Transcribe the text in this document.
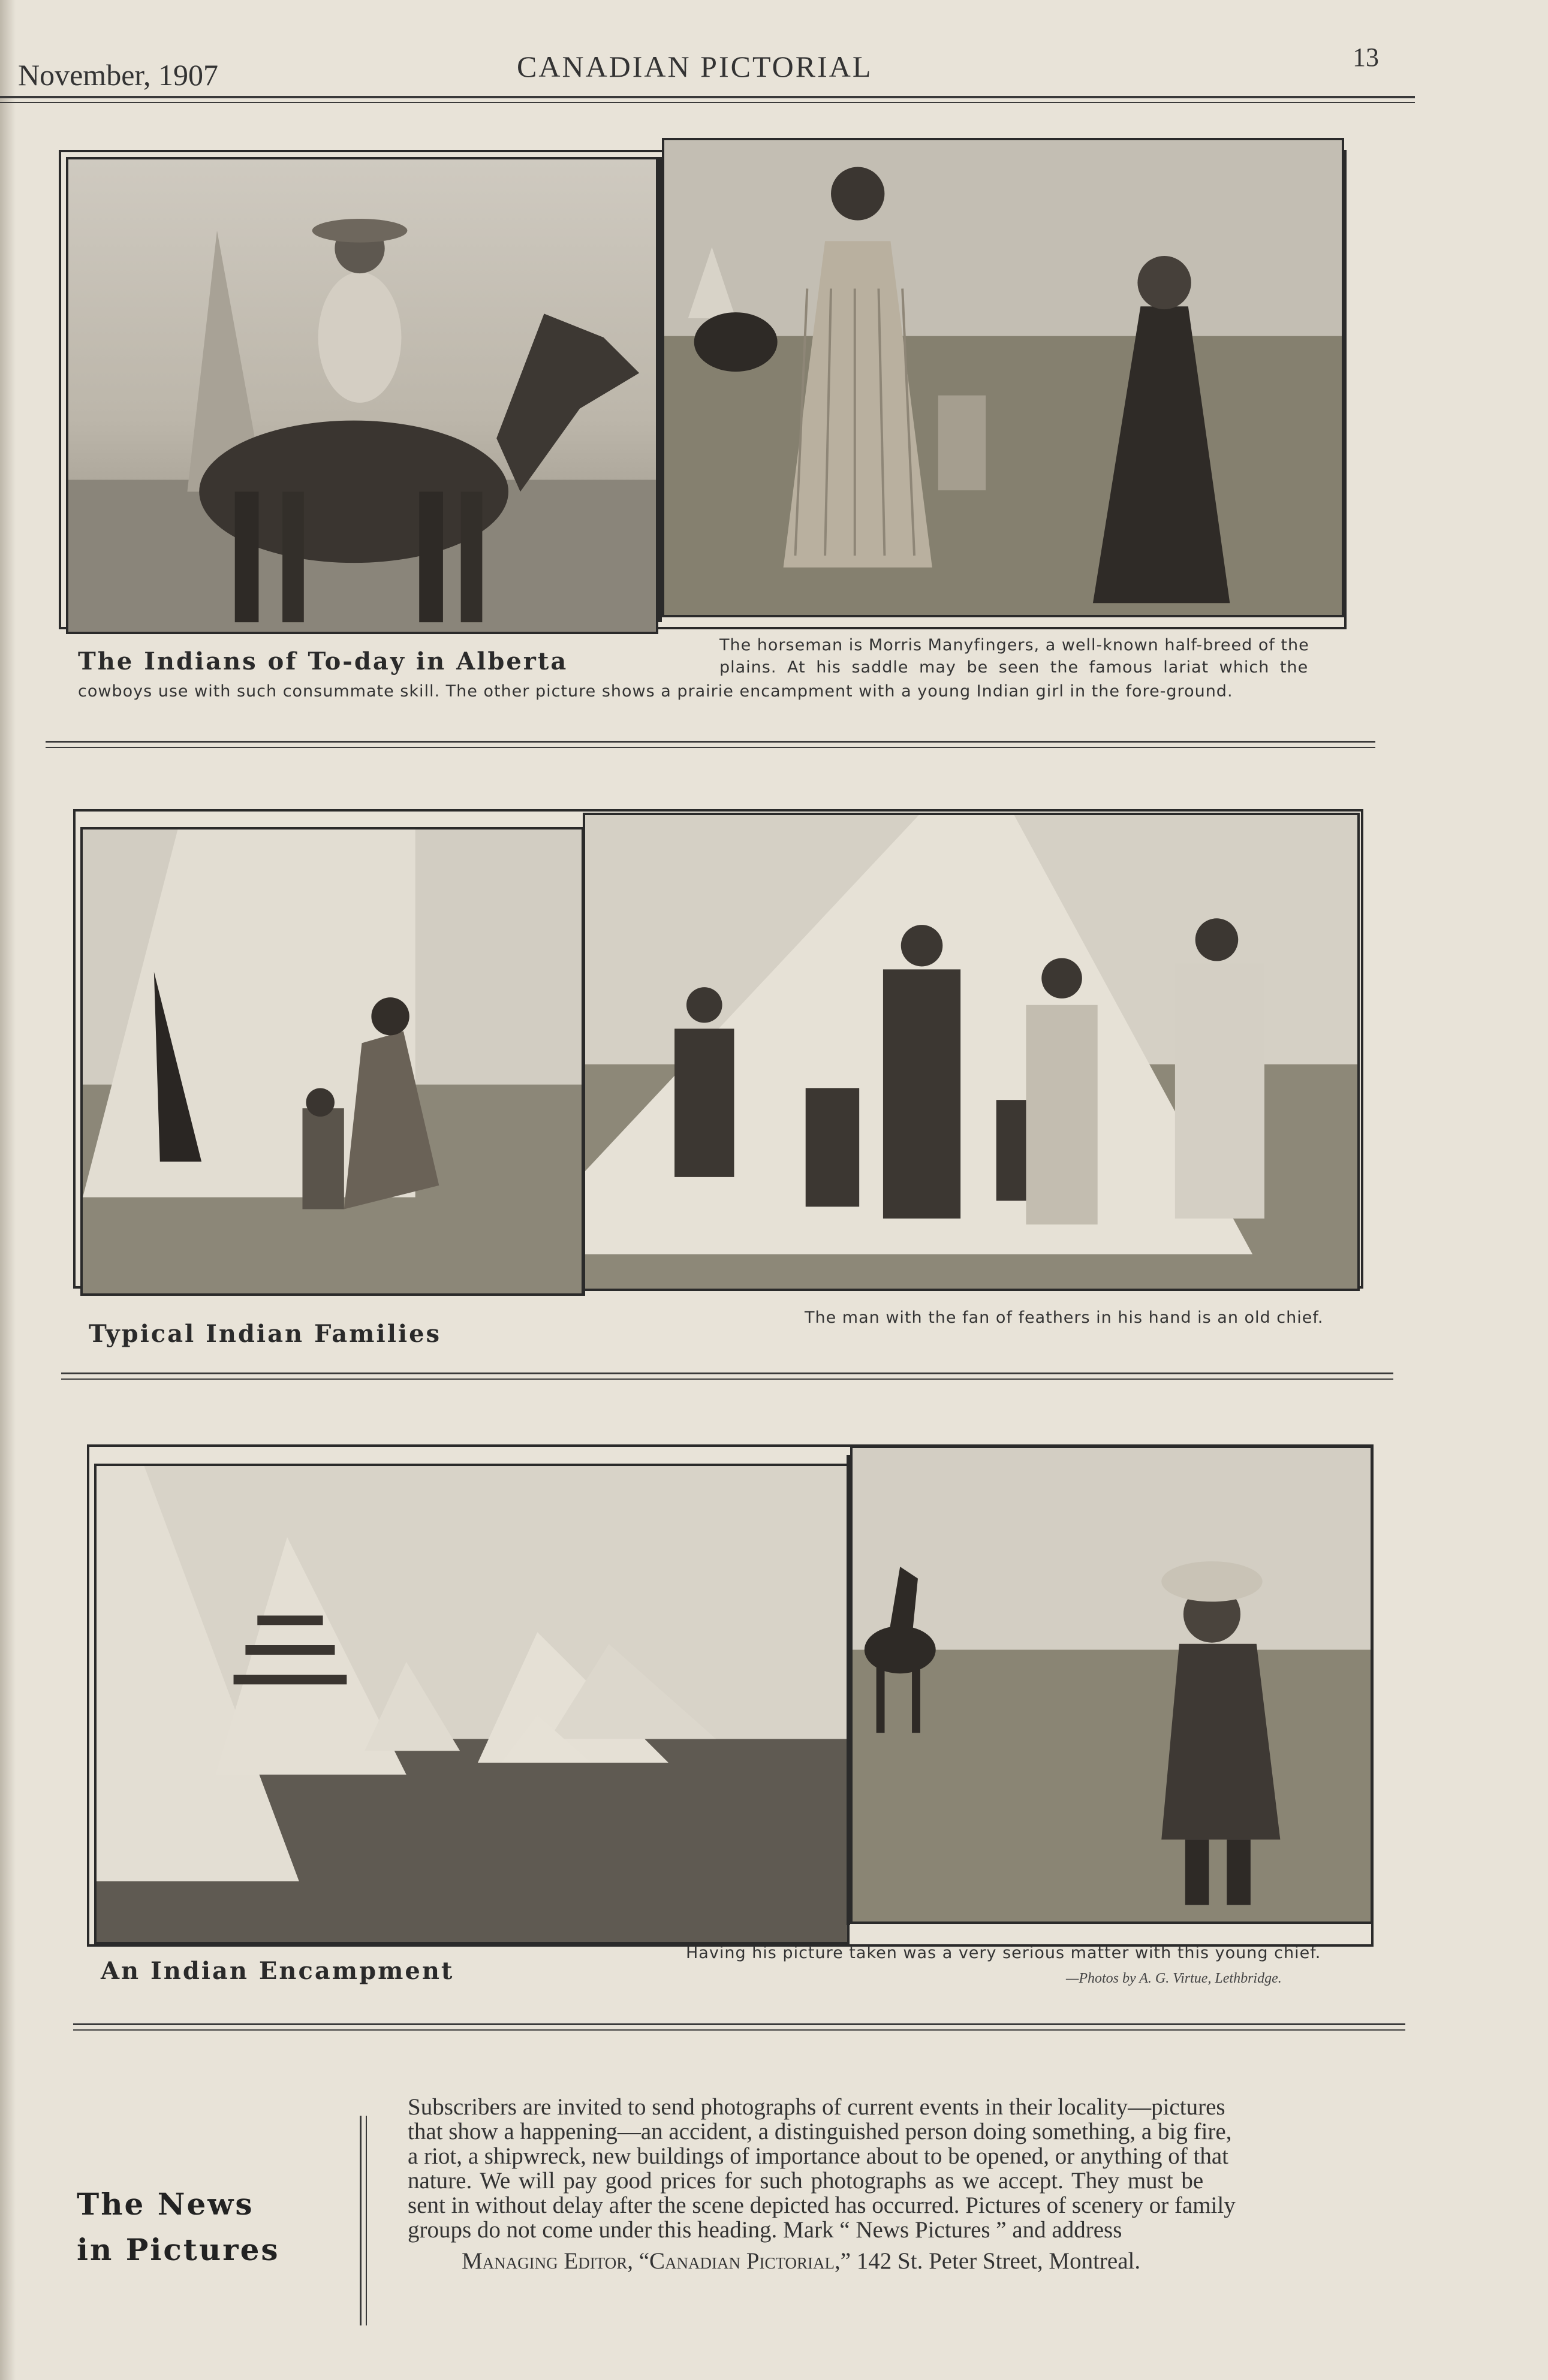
November, 1907	CANADIAN PICTORIAL	13
The Indians of To-day in Alberta
The horseman is Morris Manyfingers, a well-known half-breed of the
plains. At his saddle may be seen the famous lariat which the
cowboys use with such consummate skill. The other picture shows a prairie encampment with a young Indian girl in the fore-ground.
Typical Indian Families
The man with the fan of feathers in his hand is an old chief.
An Indian Encampment
Having his picture taken was a very serious matter with this young chief.
—Photos by A. G. Virtue, Lethbridge.
The News
in Pictures
Subscribers are invited to send photographs of current events in their locality—pictures
that show a happening—an accident, a distinguished person doing something, a big fire,
a riot, a shipwreck, new buildings of importance about to be opened, or anything of that
nature. We will pay good prices for such photographs as we accept. They must be
sent in without delay after the scene depicted has occurred. Pictures of scenery or family
groups do not come under this heading. Mark “ News Pictures ” and address
Managing Editor, “Canadian Pictorial,” 142 St. Peter Street, Montreal.
